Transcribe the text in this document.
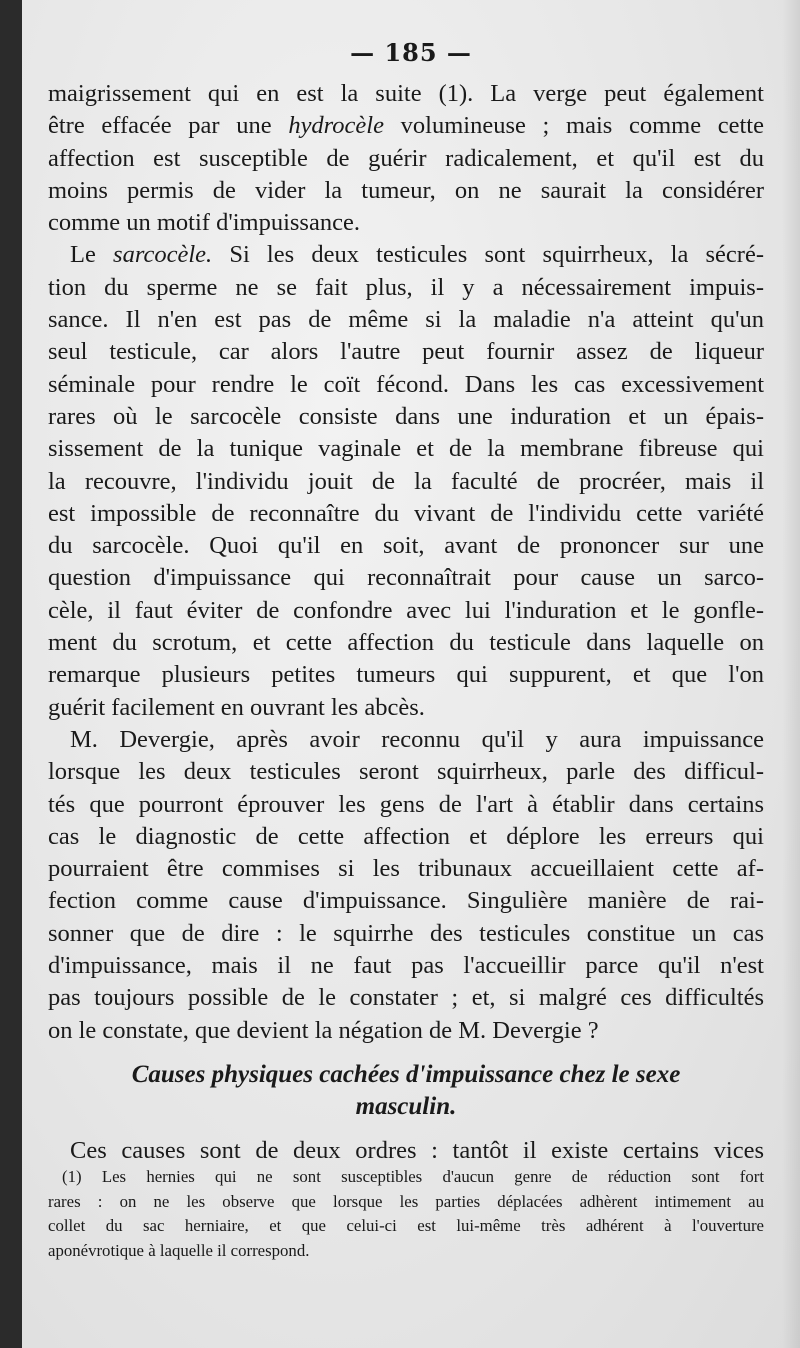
— 185 —
maigrissement qui en est la suite (1). La verge peut également
être effacée par une hydrocèle volumineuse ; mais comme cette
affection est susceptible de guérir radicalement, et qu'il est du
moins permis de vider la tumeur, on ne saurait la considérer
comme un motif d'impuissance.
Le sarcocèle. Si les deux testicules sont squirrheux, la sécré-
tion du sperme ne se fait plus, il y a nécessairement impuis-
sance. Il n'en est pas de même si la maladie n'a atteint qu'un
seul testicule, car alors l'autre peut fournir assez de liqueur
séminale pour rendre le coït fécond. Dans les cas excessivement
rares où le sarcocèle consiste dans une induration et un épais-
sissement de la tunique vaginale et de la membrane fibreuse qui
la recouvre, l'individu jouit de la faculté de procréer, mais il
est impossible de reconnaître du vivant de l'individu cette variété
du sarcocèle. Quoi qu'il en soit, avant de prononcer sur une
question d'impuissance qui reconnaîtrait pour cause un sarco-
cèle, il faut éviter de confondre avec lui l'induration et le gonfle-
ment du scrotum, et cette affection du testicule dans laquelle on
remarque plusieurs petites tumeurs qui suppurent, et que l'on
guérit facilement en ouvrant les abcès.
M. Devergie, après avoir reconnu qu'il y aura impuissance
lorsque les deux testicules seront squirrheux, parle des difficul-
tés que pourront éprouver les gens de l'art à établir dans certains
cas le diagnostic de cette affection et déplore les erreurs qui
pourraient être commises si les tribunaux accueillaient cette af-
fection comme cause d'impuissance. Singulière manière de rai-
sonner que de dire : le squirrhe des testicules constitue un cas
d'impuissance, mais il ne faut pas l'accueillir parce qu'il n'est
pas toujours possible de le constater ; et, si malgré ces difficultés
on le constate, que devient la négation de M. Devergie ?
Causes physiques cachées d'impuissance chez le sexe
masculin.
Ces causes sont de deux ordres : tantôt il existe certains vices
(1) Les hernies qui ne sont susceptibles d'aucun genre de réduction sont fort
rares : on ne les observe que lorsque les parties déplacées adhèrent intimement au
collet du sac herniaire, et que celui-ci est lui-même très adhérent à l'ouverture
aponévrotique à laquelle il correspond.
